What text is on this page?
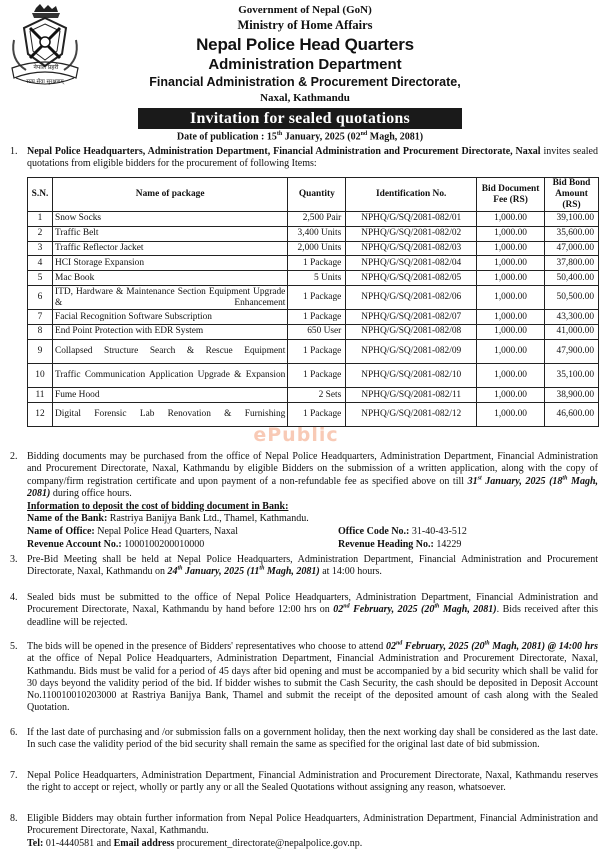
नेपाल प्रहरी
सत्य सेवा सुरक्षणम्
Government of Nepal (GoN)
Ministry of Home Affairs
Nepal Police Head Quarters
Administration Department
Financial Administration & Procurement Directorate,
Naxal, Kathmandu
Invitation for sealed quotations
Date of publication : 15th January, 2025 (02nd Magh, 2081)
1. Nepal Police Headquarters, Administration Department, Financial Administration and Procurement Directorate, Naxal invites sealed quotations from eligible bidders for the procurement of following Items:
S.N.	Name of package	Quantity	Identification No.	Bid Document Fee (RS)	Bid Bond Amount (RS)
1	Snow Socks	2,500 Pair	NPHQ/G/SQ/2081-082/01	1,000.00	39,100.00
2	Traffic Belt	3,400 Units	NPHQ/G/SQ/2081-082/02	1,000.00	35,600.00
3	Traffic Reflector Jacket	2,000 Units	NPHQ/G/SQ/2081-082/03	1,000.00	47,000.00
4	HCI Storage Expansion	1 Package	NPHQ/G/SQ/2081-082/04	1,000.00	37,800.00
5	Mac Book	5 Units	NPHQ/G/SQ/2081-082/05	1,000.00	50,400.00
6	ITD, Hardware & Maintenance Section Equipment Upgrade & Enhancement	1 Package	NPHQ/G/SQ/2081-082/06	1,000.00	50,500.00
7	Facial Recognition Software Subscription	1 Package	NPHQ/G/SQ/2081-082/07	1,000.00	43,300.00
8	End Point Protection with EDR System	650 User	NPHQ/G/SQ/2081-082/08	1,000.00	41,000.00
9	Collapsed Structure Search & Rescue Equipment	1 Package	NPHQ/G/SQ/2081-082/09	1,000.00	47,900.00
10	Traffic Communication Application Upgrade & Expansion	1 Package	NPHQ/G/SQ/2081-082/10	1,000.00	35,100.00
11	Fume Hood	2 Sets	NPHQ/G/SQ/2081-082/11	1,000.00	38,900.00
12	Digital Forensic Lab Renovation & Furnishing	1 Package	NPHQ/G/SQ/2081-082/12	1,000.00	46,600.00
ePublic
2. Bidding documents may be purchased from the office of Nepal Police Headquarters, Administration Department, Financial Administration and Procurement Directorate, Naxal, Kathmandu by eligible Bidders on the submission of a written application, along with the copy of company/firm registration certificate and upon payment of a non-refundable fee as specified above on till 31st January, 2025 (18th Magh, 2081) during office hours.
Information to deposit the cost of bidding document in Bank:
Name of the Bank: Rastriya Banijya Bank Ltd., Thamel, Kathmandu.
Name of Office: Nepal Police Head Quarters, Naxal	Office Code No.: 31-40-43-512
Revenue Account No.: 1000100200010000	Revenue Heading No.: 14229
3. Pre-Bid Meeting shall be held at Nepal Police Headquarters, Administration Department, Financial Administration and Procurement Directorate, Naxal, Kathmandu on 24th January, 2025 (11th Magh, 2081) at 14:00 hours.
4. Sealed bids must be submitted to the office of Nepal Police Headquarters, Administration Department, Financial Administration and Procurement Directorate, Naxal, Kathmandu by hand before 12:00 hrs on 02nd February, 2025 (20th Magh, 2081). Bids received after this deadline will be rejected.
5. The bids will be opened in the presence of Bidders' representatives who choose to attend 02nd February, 2025 (20th Magh, 2081) @ 14:00 hrs at the office of Nepal Police Headquarters, Administration Department, Financial Administration and Procurement Directorate, Naxal, Kathmandu. Bids must be valid for a period of 45 days after bid opening and must be accompanied by a bid security which shall be valid for 30 days beyond the validity period of the bid. If bidder wishes to submit the Cash Security, the cash should be deposited in Deposit Account No.110010010203000 at Rastriya Banijya Bank, Thamel and submit the receipt of the deposited amount of cash along with the Sealed Quotation.
6. If the last date of purchasing and /or submission falls on a government holiday, then the next working day shall be considered as the last date. In such case the validity period of the bid security shall remain the same as specified for the original last date of bid submission.
7. Nepal Police Headquarters, Administration Department, Financial Administration and Procurement Directorate, Naxal, Kathmandu reserves the right to accept or reject, wholly or partly any or all the Sealed Quotations without assigning any reason, whatsoever.
8. Eligible Bidders may obtain further information from Nepal Police Headquarters, Administration Department, Financial Administration and Procurement Directorate, Naxal, Kathmandu.
Tel: 01-4440581 and Email address procurement_directorate@nepalpolice.gov.np.
